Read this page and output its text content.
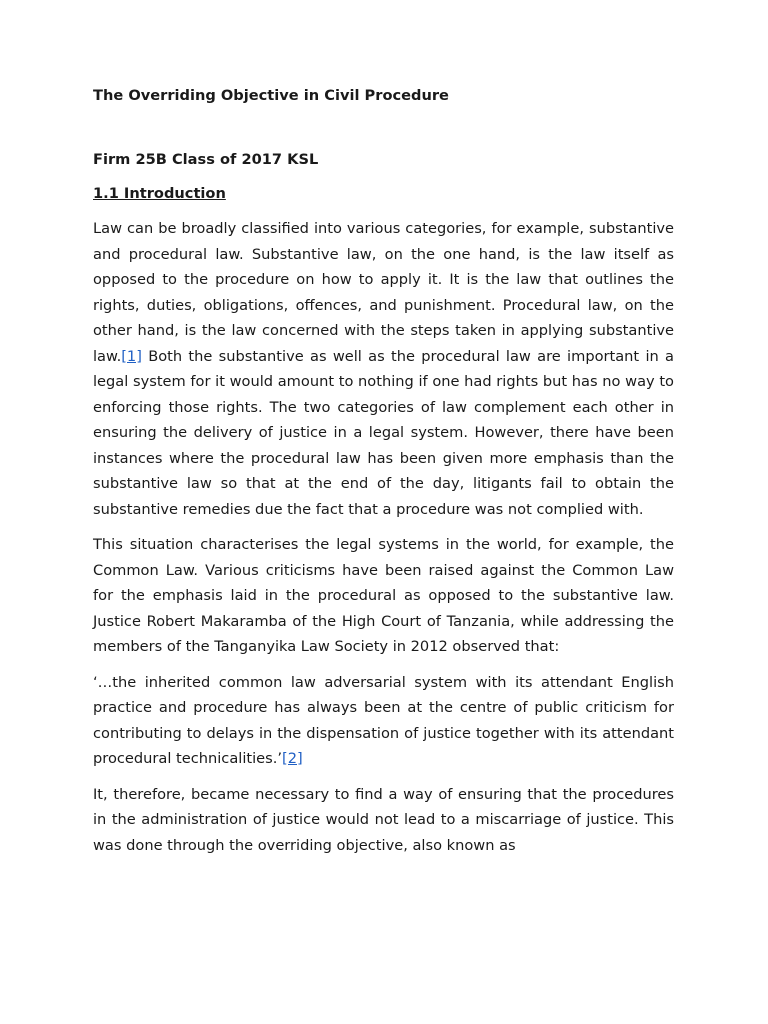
The Overriding Objective in Civil Procedure
Firm 25B Class of 2017 KSL
1.1 Introduction

Law can be broadly classified into various categories, for example, substantive and procedural law. Substantive law, on the one hand, is the law itself as opposed to the procedure on how to apply it. It is the law that outlines the rights, duties, obligations, offences, and punishment. Procedural law, on the other hand, is the law concerned with the steps taken in applying substantive law.[1] Both the substantive as well as the procedural law are important in a legal system for it would amount to nothing if one had rights but has no way to enforcing those rights. The two categories of law complement each other in ensuring the delivery of justice in a legal system. However, there have been instances where the procedural law has been given more emphasis than the substantive law so that at the end of the day, litigants fail to obtain the substantive remedies due the fact that a procedure was not complied with.

This situation characterises the legal systems in the world, for example, the Common Law. Various criticisms have been raised against the Common Law for the emphasis laid in the procedural as opposed to the substantive law. Justice Robert Makaramba of the High Court of Tanzania, while addressing the members of the Tanganyika Law Society in 2012 observed that:

‘…the inherited common law adversarial system with its attendant English practice and procedure has always been at the centre of public criticism for contributing to delays in the dispensation of justice together with its attendant procedural technicalities.’[2]

It, therefore, became necessary to find a way of ensuring that the procedures in the administration of justice would not lead to a miscarriage of justice. This was done through the overriding objective, also known as
